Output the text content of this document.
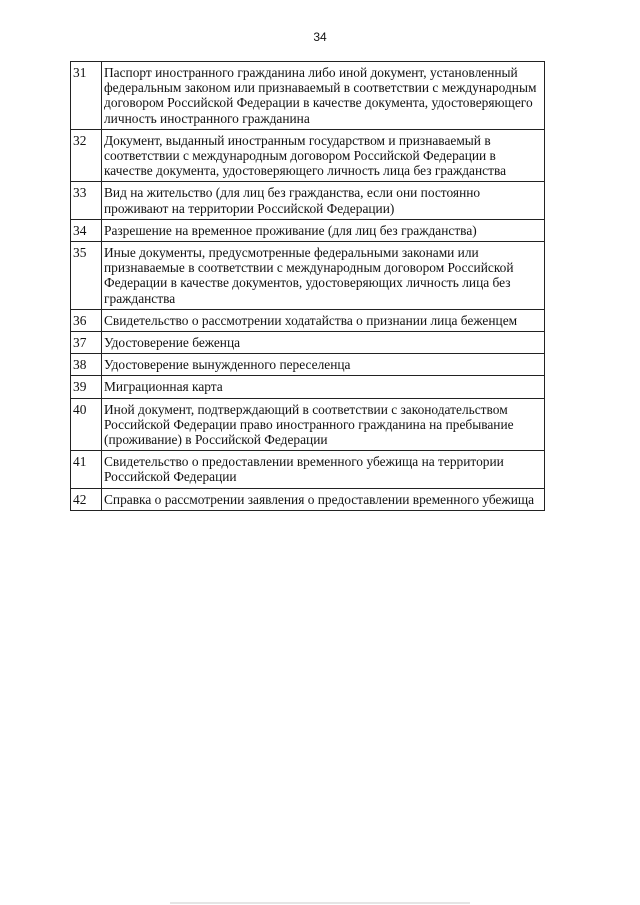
34
31	Паспорт иностранного гражданина либо иной документ, установленный федеральным законом или признаваемый в соответствии с международным договором Российской Федерации в качестве документа, удостоверяющего личность иностранного гражданина
32	Документ, выданный иностранным государством и признаваемый в соответствии с международным договором Российской Федерации в качестве документа, удостоверяющего личность лица без гражданства
33	Вид на жительство (для лиц без гражданства, если они постоянно проживают на территории Российской Федерации)
34	Разрешение на временное проживание (для лиц без гражданства)
35	Иные документы, предусмотренные федеральными законами или признаваемые в соответствии с международным договором Российской Федерации в качестве документов, удостоверяющих личность лица без гражданства
36	Свидетельство о рассмотрении ходатайства о признании лица беженцем
37	Удостоверение беженца
38	Удостоверение вынужденного переселенца
39	Миграционная карта
40	Иной документ, подтверждающий в соответствии с законодательством Российской Федерации право иностранного гражданина на пребывание (проживание) в Российской Федерации
41	Свидетельство о предоставлении временного убежища на территории Российской Федерации
42	Справка о рассмотрении заявления о предоставлении временного убежища
